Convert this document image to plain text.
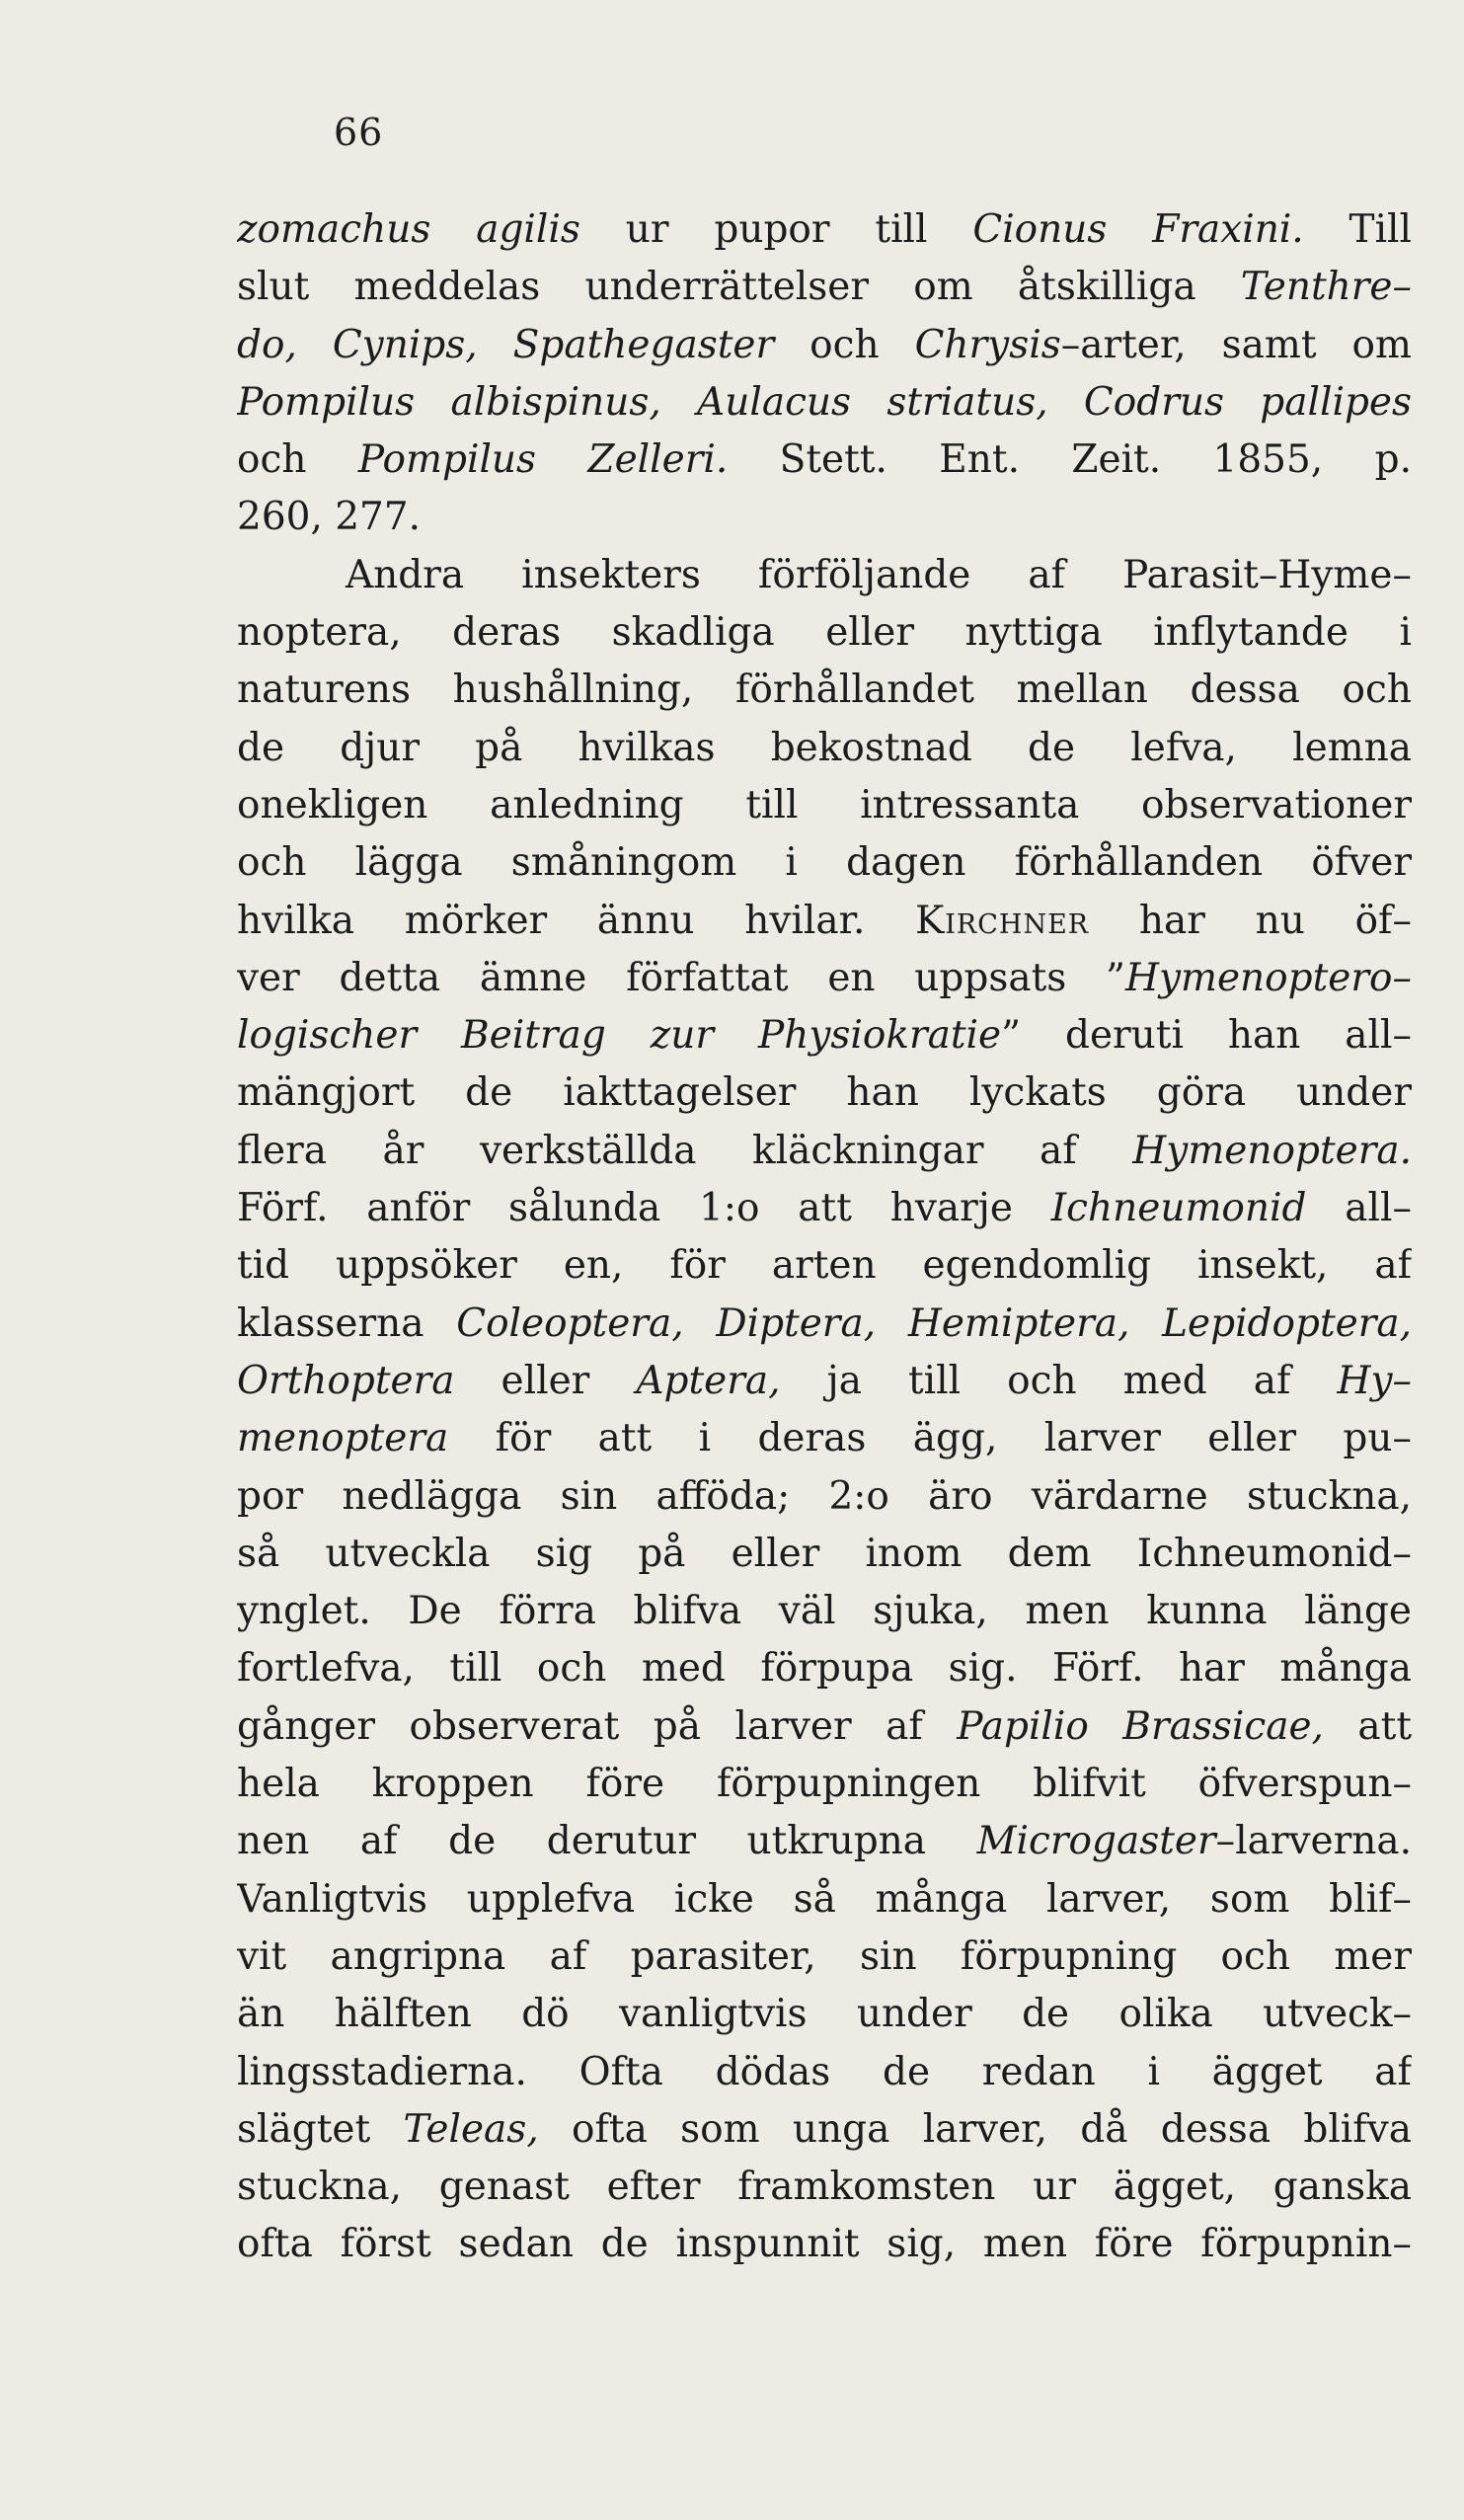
66
zomachus agilis ur pupor till Cionus Fraxini. Till
slut meddelas underrättelser om åtskilliga Tenthre–
do, Cynips, Spathegaster och Chrysis–arter, samt om
Pompilus albispinus, Aulacus striatus, Codrus pallipes
och Pompilus Zelleri. Stett. Ent. Zeit. 1855, p.
260, 277.
Andra insekters förföljande af Parasit–Hyme–
noptera, deras skadliga eller nyttiga inflytande i
naturens hushållning, förhållandet mellan dessa och
de djur på hvilkas bekostnad de lefva, lemna
onekligen anledning till intressanta observationer
och lägga småningom i dagen förhållanden öfver
hvilka mörker ännu hvilar. Kirchner har nu öf–
ver detta ämne författat en uppsats ”Hymenoptero–
logischer Beitrag zur Physiokratie” deruti han all–
mängjort de iakttagelser han lyckats göra under
flera år verkställda kläckningar af Hymenoptera.
Förf. anför sålunda 1:o att hvarje Ichneumonid all–
tid uppsöker en, för arten egendomlig insekt, af
klasserna Coleoptera, Diptera, Hemiptera, Lepidoptera,
Orthoptera eller Aptera, ja till och med af Hy–
menoptera för att i deras ägg, larver eller pu–
por nedlägga sin afföda; 2:o äro värdarne stuckna,
så utveckla sig på eller inom dem Ichneumonid–
ynglet. De förra blifva väl sjuka, men kunna länge
fortlefva, till och med förpupa sig. Förf. har många
gånger observerat på larver af Papilio Brassicae, att
hela kroppen före förpupningen blifvit öfverspun–
nen af de derutur utkrupna Microgaster–larverna.
Vanligtvis upplefva icke så många larver, som blif–
vit angripna af parasiter, sin förpupning och mer
än hälften dö vanligtvis under de olika utveck–
lingsstadierna. Ofta dödas de redan i ägget af
slägtet Teleas, ofta som unga larver, då dessa blifva
stuckna, genast efter framkomsten ur ägget, ganska
ofta först sedan de inspunnit sig, men före förpupnin–
